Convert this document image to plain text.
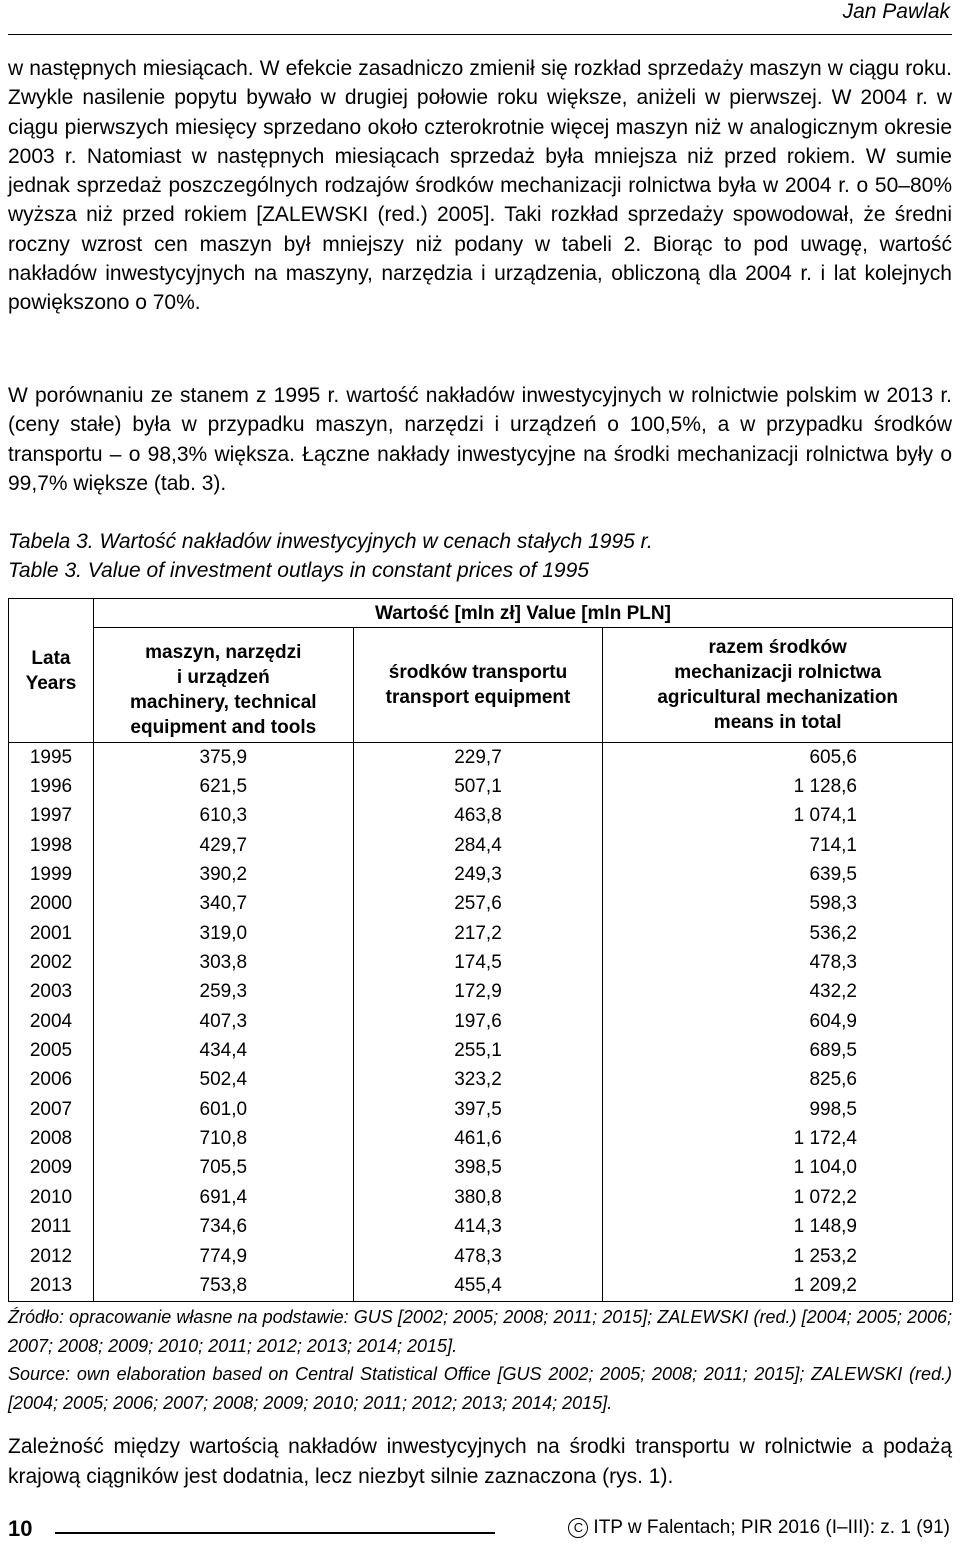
Jan Pawlak

w następnych miesiącach. W efekcie zasadniczo zmienił się rozkład sprzedaży maszyn w ciągu roku. Zwykle nasilenie popytu bywało w drugiej połowie roku większe, aniżeli w pierwszej. W 2004 r. w ciągu pierwszych miesięcy sprzedano około czterokrotnie więcej maszyn niż w analogicznym okresie 2003 r. Natomiast w następnych miesiącach sprzedaż była mniejsza niż przed rokiem. W sumie jednak sprzedaż poszczególnych rodzajów środków mechanizacji rolnictwa była w 2004 r. o 50–80% wyższa niż przed rokiem [ZALEWSKI (red.) 2005]. Taki rozkład sprzedaży spowodował, że średni roczny wzrost cen maszyn był mniejszy niż podany w tabeli 2. Biorąc to pod uwagę, wartość nakładów inwestycyjnych na maszyny, narzędzia i urządzenia, obliczoną dla 2004 r. i lat kolejnych powiększono o 70%.

W porównaniu ze stanem z 1995 r. wartość nakładów inwestycyjnych w rolnictwie polskim w 2013 r. (ceny stałe) była w przypadku maszyn, narzędzi i urządzeń o 100,5%, a w przypadku środków transportu – o 98,3% większa. Łączne nakłady inwestycyjne na środki mechanizacji rolnictwa były o 99,7% większe (tab. 3).

Tabela 3. Wartość nakładów inwestycyjnych w cenach stałych 1995 r.

Table 3. Value of investment outlays in constant prices of 1995

Lata
Years	Wartość [mln zł] Value [mln PLN]		
	maszyn, narzędzi
i urządzeń
machinery, technical
equipment and tools	środków transportu
transport equipment	razem środków
mechanizacji rolnictwa
agricultural mechanization
means in total
1995	375,9	229,7	605,6
1996	621,5	507,1	1 128,6
1997	610,3	463,8	1 074,1
1998	429,7	284,4	714,1
1999	390,2	249,3	639,5
2000	340,7	257,6	598,3
2001	319,0	217,2	536,2
2002	303,8	174,5	478,3
2003	259,3	172,9	432,2
2004	407,3	197,6	604,9
2005	434,4	255,1	689,5
2006	502,4	323,2	825,6
2007	601,0	397,5	998,5
2008	710,8	461,6	1 172,4
2009	705,5	398,5	1 104,0
2010	691,4	380,8	1 072,2
2011	734,6	414,3	1 148,9
2012	774,9	478,3	1 253,2
2013	753,8	455,4	1 209,2

Źródło: opracowanie własne na podstawie: GUS [2002; 2005; 2008; 2011; 2015]; ZALEWSKI (red.) [2004; 2005; 2006; 2007; 2008; 2009; 2010; 2011; 2012; 2013; 2014; 2015].

Source: own elaboration based on Central Statistical Office [GUS 2002; 2005; 2008; 2011; 2015]; ZALEWSKI (red.) [2004; 2005; 2006; 2007; 2008; 2009; 2010; 2011; 2012; 2013; 2014; 2015].

Zależność między wartością nakładów inwestycyjnych na środki transportu w rolnictwie a podażą krajową ciągników jest dodatnia, lecz niezbyt silnie zaznaczona (rys. 1).

10	C ITP w Falentach; PIR 2016 (I–III): z. 1 (91)
